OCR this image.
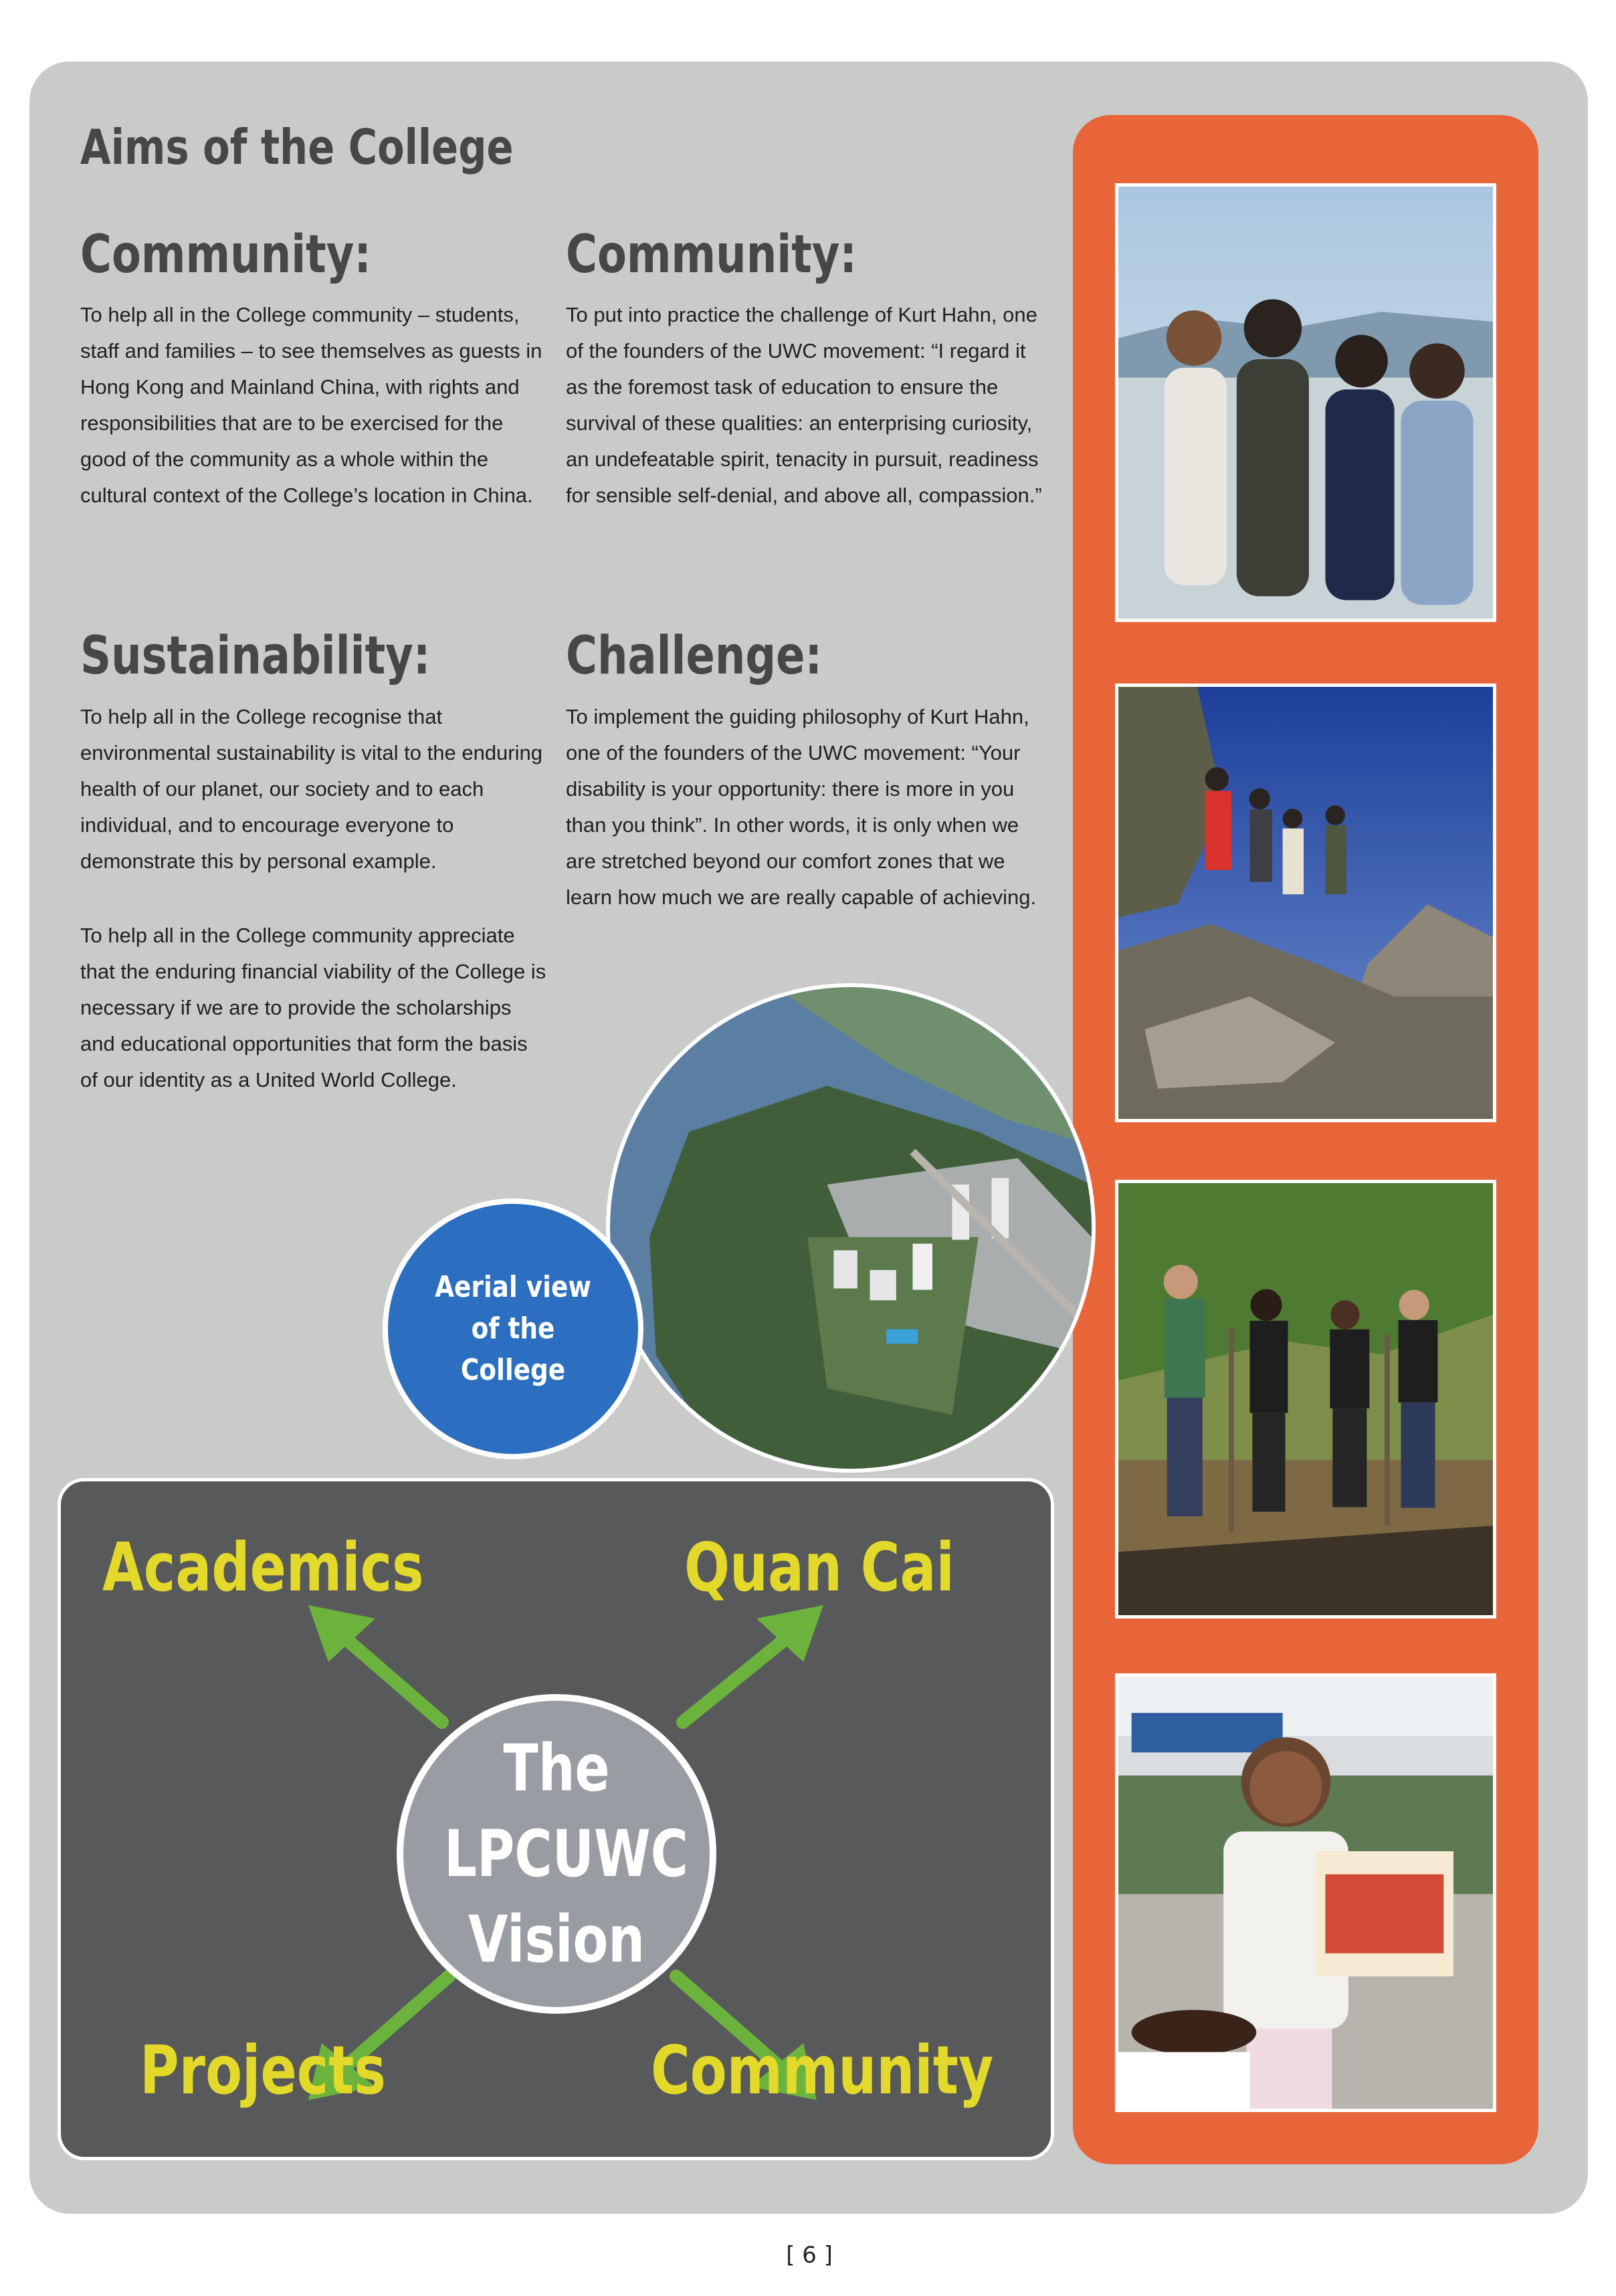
Aims of the College
Community:

To help all in the College community – students, staff and families – to see themselves as guests in Hong Kong and Mainland China, with rights and responsibilities that are to be exercised for the good of the community as a whole within the cultural context of the College’s location in China.

Community:

To put into practice the challenge of Kurt Hahn, one of the founders of the UWC movement: “I regard it as the foremost task of education to ensure the survival of these qualities: an enterprising curiosity, an undefeatable spirit, tenacity in pursuit, readiness for sensible self-denial, and above all, compassion.”

Sustainability:

To help all in the College recognise that environmental sustainability is vital to the enduring health of our planet, our society and to each individual, and to encourage everyone to demonstrate this by personal example.

To help all in the College community appreciate that the enduring financial viability of the College is necessary if we are to provide the scholarships and educational opportunities that form the basis of our identity as a United World College.

Challenge:

To implement the guiding philosophy of Kurt Hahn, one of the founders of the UWC movement: “Your disability is your opportunity: there is more in you than you think”. In other words, it is only when we are stretched beyond our comfort zones that we learn how much we are really capable of achieving.

Aerial view of the College
Academics	Quan Cai
Projects	Community
The LPCUWC Vision
[ 6 ]
